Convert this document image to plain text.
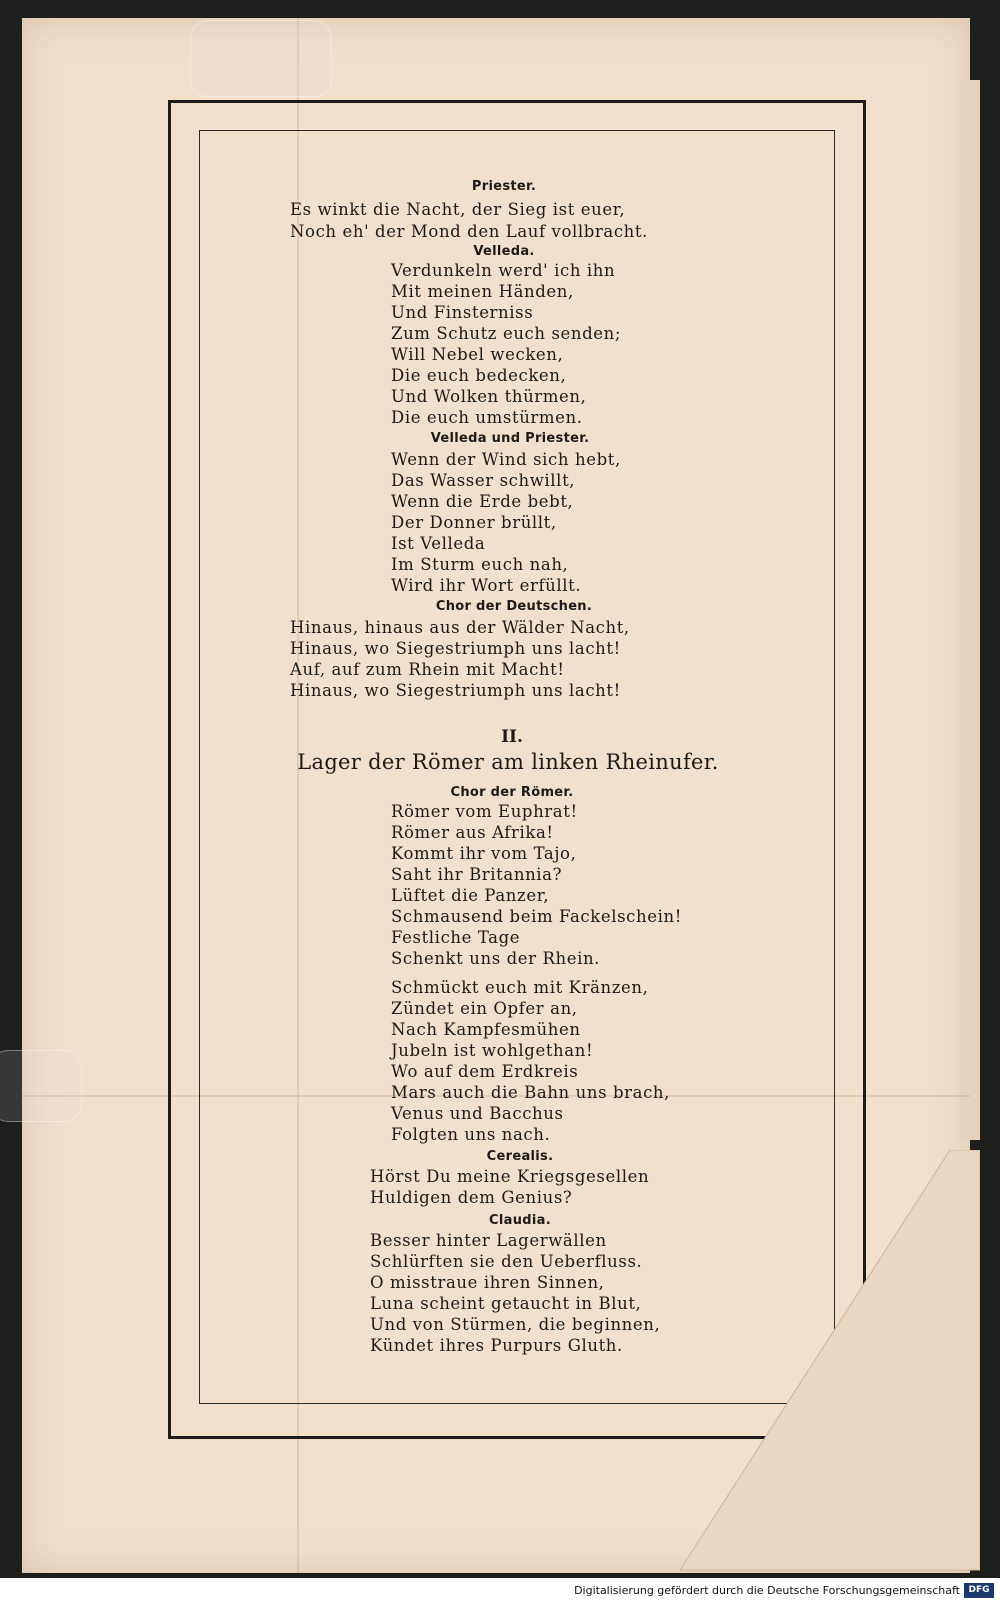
Priester.
Es winkt die Nacht, der Sieg ist euer,
Noch eh' der Mond den Lauf vollbracht.
Velleda.
Verdunkeln werd' ich ihn
Mit meinen Händen,
Und Finsterniss
Zum Schutz euch senden;
Will Nebel wecken,
Die euch bedecken,
Und Wolken thürmen,
Die euch umstürmen.
Velleda und Priester.
Wenn der Wind sich hebt,
Das Wasser schwillt,
Wenn die Erde bebt,
Der Donner brüllt,
Ist Velleda
Im Sturm euch nah,
Wird ihr Wort erfüllt.
Chor der Deutschen.
Hinaus, hinaus aus der Wälder Nacht,
Hinaus, wo Siegestriumph uns lacht!
Auf, auf zum Rhein mit Macht!
Hinaus, wo Siegestriumph uns lacht!
II.
Lager der Römer am linken Rheinufer.
Chor der Römer.
Römer vom Euphrat!
Römer aus Afrika!
Kommt ihr vom Tajo,
Saht ihr Britannia?
Lüftet die Panzer,
Schmausend beim Fackelschein!
Festliche Tage
Schenkt uns der Rhein.
Schmückt euch mit Kränzen,
Zündet ein Opfer an,
Nach Kampfesmühen
Jubeln ist wohlgethan!
Wo auf dem Erdkreis
Mars auch die Bahn uns brach,
Venus und Bacchus
Folgten uns nach.
Cerealis.
Hörst Du meine Kriegsgesellen
Huldigen dem Genius?
Claudia.
Besser hinter Lagerwällen
Schlürften sie den Ueberfluss.
O misstraue ihren Sinnen,
Luna scheint getaucht in Blut,
Und von Stürmen, die beginnen,
Kündet ihres Purpurs Gluth.
Digitalisierung gefördert durch die Deutsche Forschungsgemeinschaft DFG
